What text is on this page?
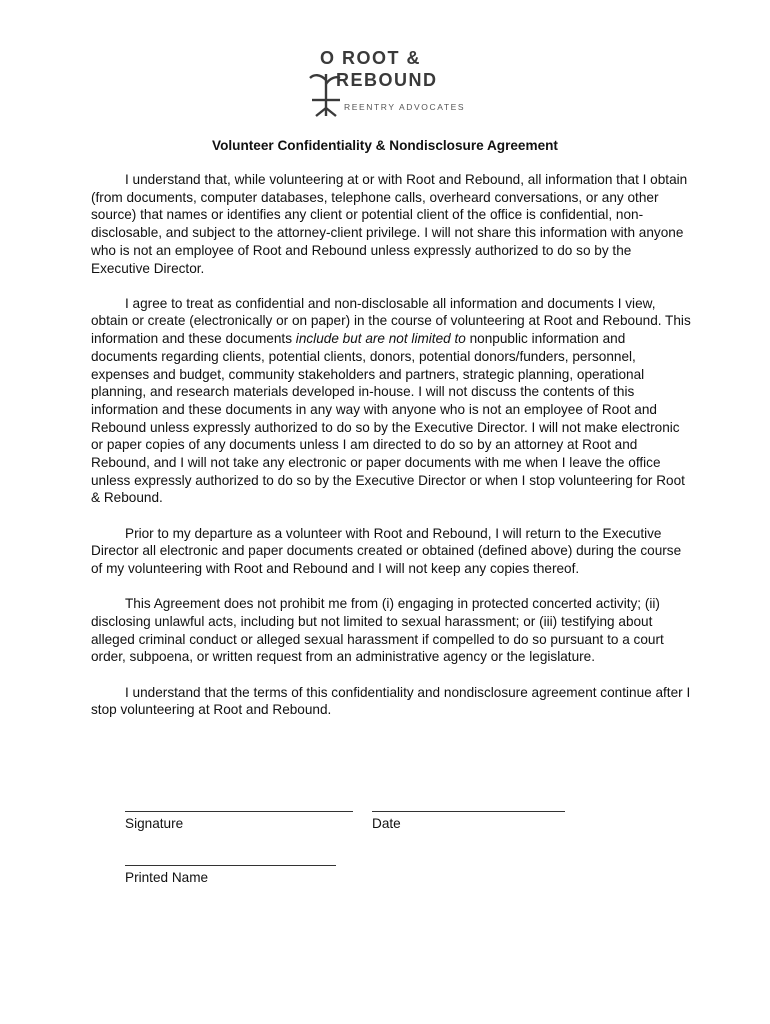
O ROOT &
REBOUND
REENTRY ADVOCATES
Volunteer Confidentiality & Nondisclosure Agreement

I understand that, while volunteering at or with Root and Rebound, all information that I obtain (from documents, computer databases, telephone calls, overheard conversations, or any other source) that names or identifies any client or potential client of the office is confidential, non-disclosable, and subject to the attorney-client privilege. I will not share this information with anyone who is not an employee of Root and Rebound unless expressly authorized to do so by the Executive Director.

I agree to treat as confidential and non-disclosable all information and documents I view, obtain or create (electronically or on paper) in the course of volunteering at Root and Rebound. This information and these documents include but are not limited to nonpublic information and documents regarding clients, potential clients, donors, potential donors/funders, personnel, expenses and budget, community stakeholders and partners, strategic planning, operational planning, and research materials developed in-house. I will not discuss the contents of this information and these documents in any way with anyone who is not an employee of Root and Rebound unless expressly authorized to do so by the Executive Director. I will not make electronic or paper copies of any documents unless I am directed to do so by an attorney at Root and Rebound, and I will not take any electronic or paper documents with me when I leave the office unless expressly authorized to do so by the Executive Director or when I stop volunteering for Root & Rebound.

Prior to my departure as a volunteer with Root and Rebound, I will return to the Executive Director all electronic and paper documents created or obtained (defined above) during the course of my volunteering with Root and Rebound and I will not keep any copies thereof.

This Agreement does not prohibit me from (i) engaging in protected concerted activity; (ii) disclosing unlawful acts, including but not limited to sexual harassment; or (iii) testifying about alleged criminal conduct or alleged sexual harassment if compelled to do so pursuant to a court order, subpoena, or written request from an administrative agency or the legislature.

I understand that the terms of this confidentiality and nondisclosure agreement continue after I stop volunteering at Root and Rebound.

Signature	Date
Printed Name
